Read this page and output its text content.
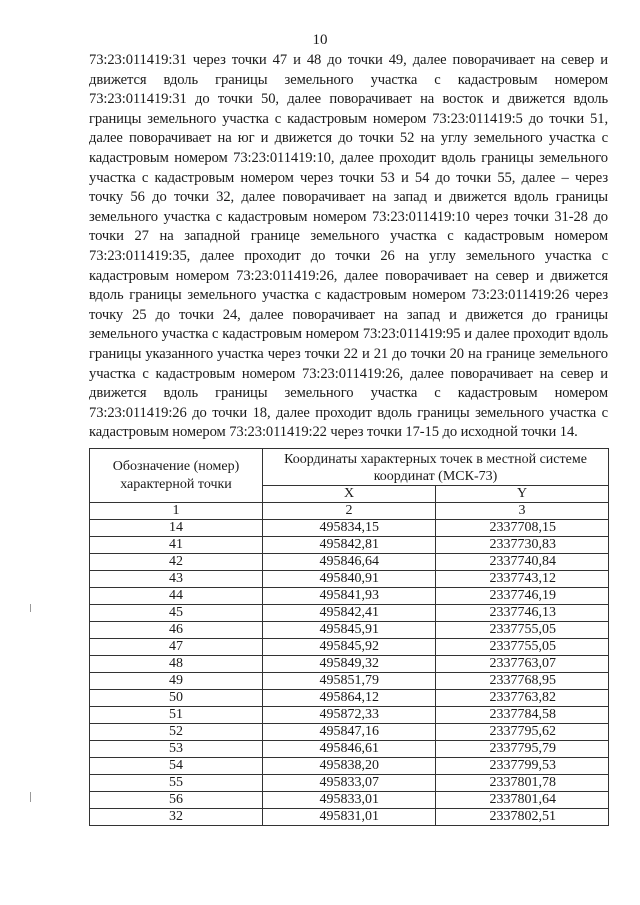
10

73:23:011419:31 через точки 47 и 48 до точки 49, далее поворачивает на север и движется вдоль границы земельного участка с кадастровым номером 73:23:011419:31 до точки 50, далее поворачивает на восток и движется вдоль границы земельного участка с кадастровым номером 73:23:011419:5 до точки 51, далее поворачивает на юг и движется до точки 52 на углу земельного участка с кадастровым номером 73:23:011419:10, далее проходит вдоль границы земельного участка с кадастровым номером через точки 53 и 54 до точки 55, далее – через точку 56 до точки 32, далее поворачивает на запад и движется вдоль границы земельного участка с кадастровым номером 73:23:011419:10 через точки 31-28 до точки 27 на западной границе земельного участка с кадастровым номером 73:23:011419:35, далее проходит до точки 26 на углу земельного участка с кадастровым номером 73:23:011419:26, далее поворачивает на север и движется вдоль границы земельного участка с кадастровым номером 73:23:011419:26 через точку 25 до точки 24, далее поворачивает на запад и движется до границы земельного участка с кадастровым номером 73:23:011419:95 и далее проходит вдоль границы указанного участка через точки 22 и 21 до точки 20 на границе земельного участка с кадастровым номером 73:23:011419:26, далее поворачивает на север и движется вдоль границы земельного участка с кадастровым номером 73:23:011419:26 до точки 18, далее проходит вдоль границы земельного участка с кадастровым номером 73:23:011419:22 через точки 17-15 до исходной точки 14.

Обозначение (номер) характерной точки	Координаты характерных точек в местной системе координат (МСК-73)	
	X	Y
1	2	3
14	495834,15	2337708,15
41	495842,81	2337730,83
42	495846,64	2337740,84
43	495840,91	2337743,12
44	495841,93	2337746,19
45	495842,41	2337746,13
46	495845,91	2337755,05
47	495845,92	2337755,05
48	495849,32	2337763,07
49	495851,79	2337768,95
50	495864,12	2337763,82
51	495872,33	2337784,58
52	495847,16	2337795,62
53	495846,61	2337795,79
54	495838,20	2337799,53
55	495833,07	2337801,78
56	495833,01	2337801,64
32	495831,01	2337802,51
